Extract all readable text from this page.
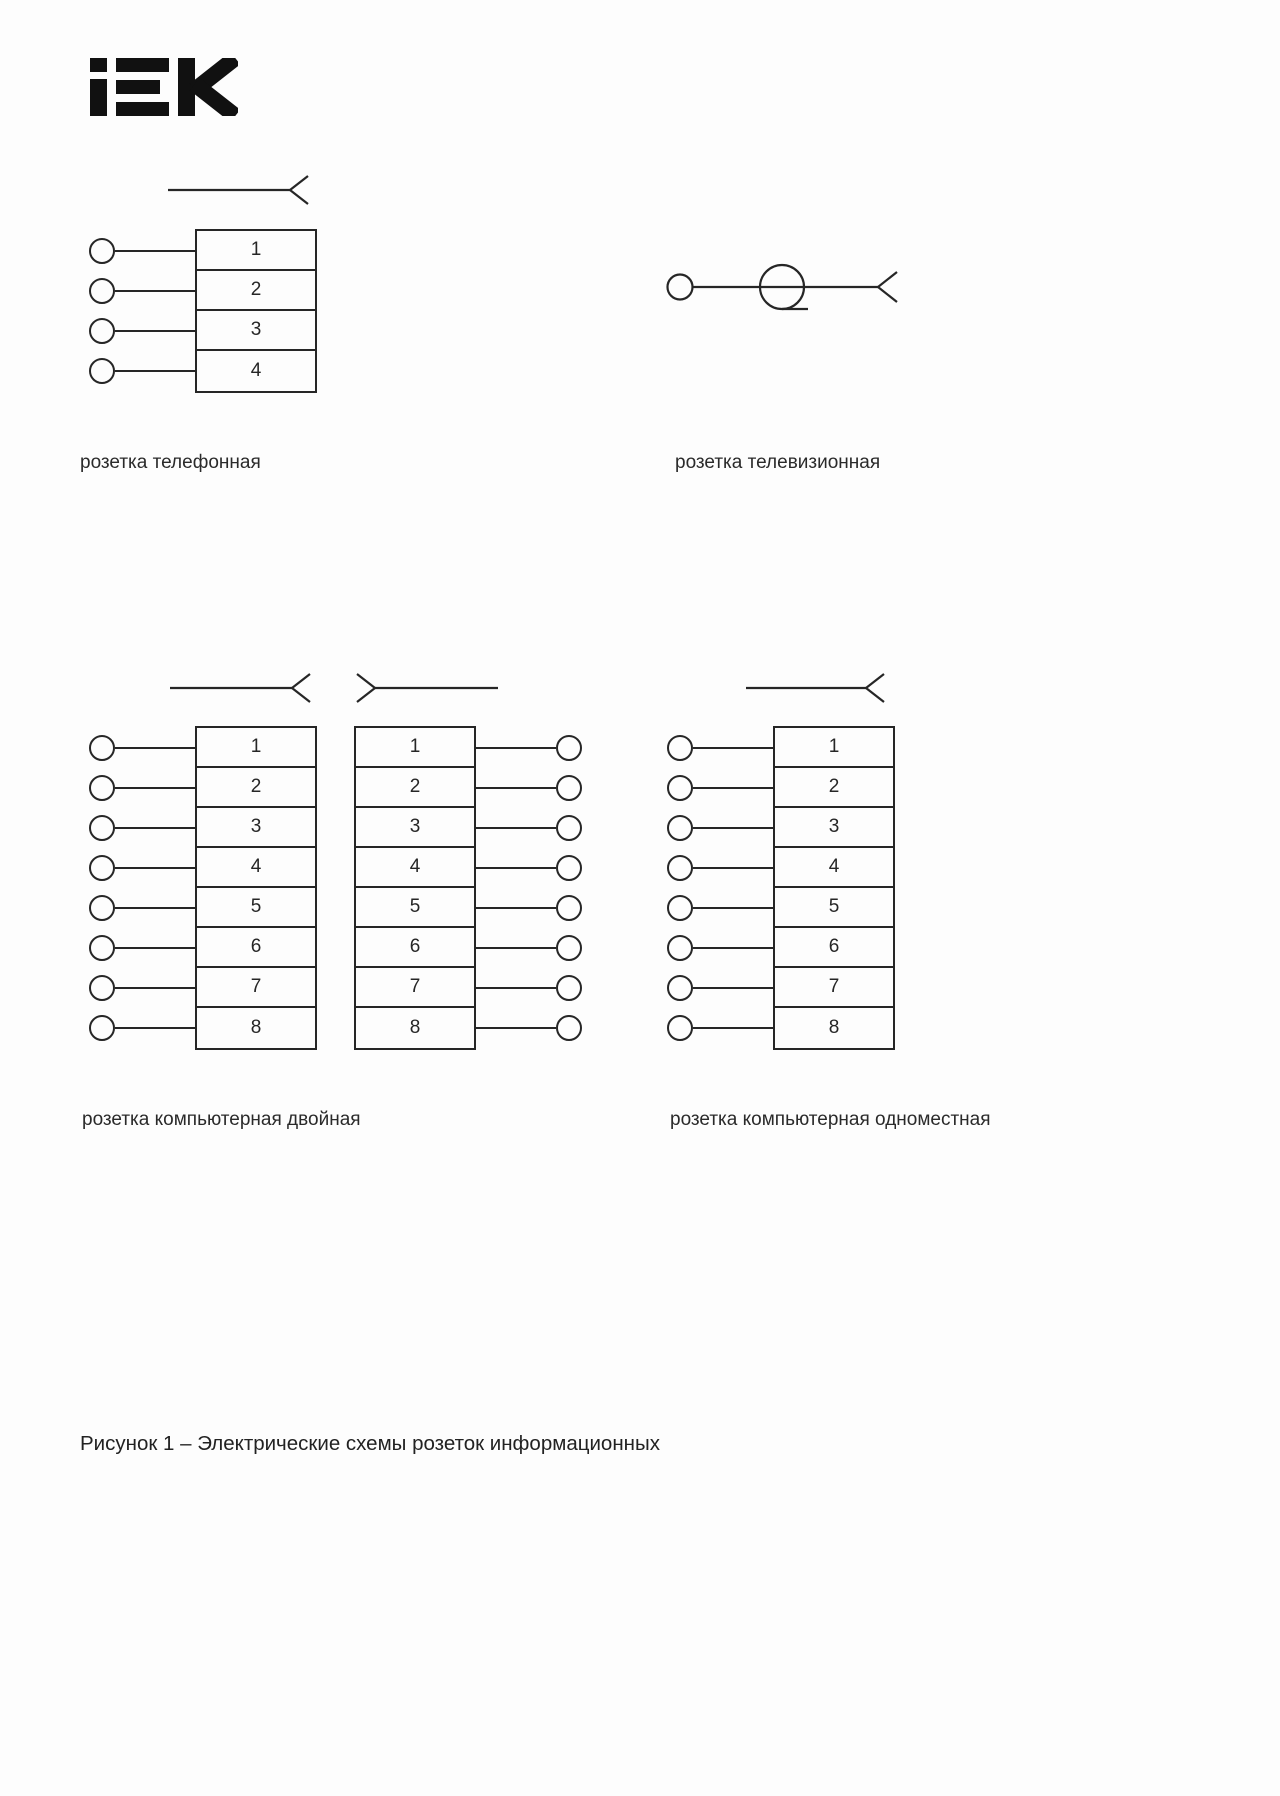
1
2
3
4
розетка телефонная	розетка телевизионная
1
2
3
4
5
6
7
8
1
2
3
4
5
6
7
8
розетка компьютерная двойная
1
2
3
4
5
6
7
8
розетка компьютерная одноместная
Рисунок 1 – Электрические схемы розеток информационных
